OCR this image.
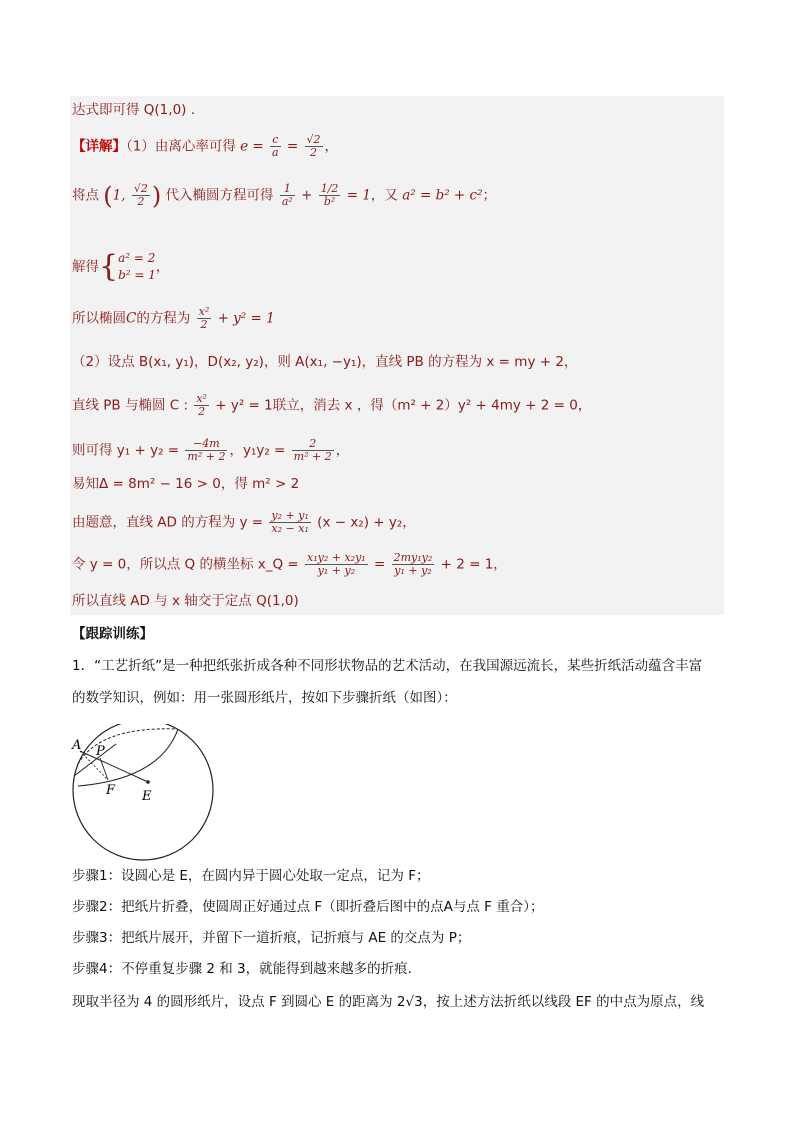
达式即可得 Q(1,0) .
【详解】（1）由离心率可得 $e = \frac{c}{a} = \frac{√2}{2}$ ，
将点 (1, $\frac{√2}{2}$ ) 代入椭圆方程可得 $\frac{1}{\text{a²}} + \frac{1/2}{\text{b²}} = 1$，又 a² = b² + c²；
解得{ a² = 2
b² = 1 ，
所以椭圆C的方程为 $\frac{\text{x²}}{2} + y^2 = 1$
（2）设点 B(x₁, y₁)，D(x₂, y₂)，则 A(x₁, −y₁)，直线 PB 的方程为 x = my + 2，
直线 PB 与椭圆 C : $\frac{\text{x²}}{2} + y^2 = 1$联立，消去 x ，得（m² + 2）y² + 4my + 2 = 0，
则可得 $y_1 + y_2 = \frac{-4m}{\text{m² + 2}}$ ，$y_1y_2 = \frac{2}{\text{m² + 2}}$ ，
易知Δ = 8m² − 16 > 0，得 m² > 2
由题意，直线 AD 的方程为 $y = \frac{\text{y₂ + y₁}}{\text{x₂ − x₁}} (x - x_2) + y_2$，
令 y = 0，所以点 Q 的横坐标 x_Q = $\frac{\text{x₁y₂ + x₂y₁}}{\text{y₁ + y₂}} = \frac{\text{2my₁y₂}}{\text{y₁ + y₂}} + 2 = 1$，
所以直线 AD 与 x 轴交于定点 Q(1,0)
【跟踪训练】
1．“工艺折纸”是一种把纸张折成各种不同形状物品的艺术活动，在我国源远流长，某些折纸活动蕴含丰富
的数学知识，例如：用一张圆形纸片，按如下步骤折纸（如图）：
A P
F E
步骤1：设圆心是 E，在圆内异于圆心处取一定点，记为 F；
步骤2：把纸片折叠，使圆周正好通过点 F（即折叠后图中的点A与点 F 重合）；
步骤3：把纸片展开，并留下一道折痕，记折痕与 AE 的交点为 P；
步骤4：不停重复步骤 2 和 3，就能得到越来越多的折痕.
现取半径为 4 的圆形纸片，设点 F 到圆心 E 的距离为 2√3，按上述方法折纸以线段 EF 的中点为原点，线
